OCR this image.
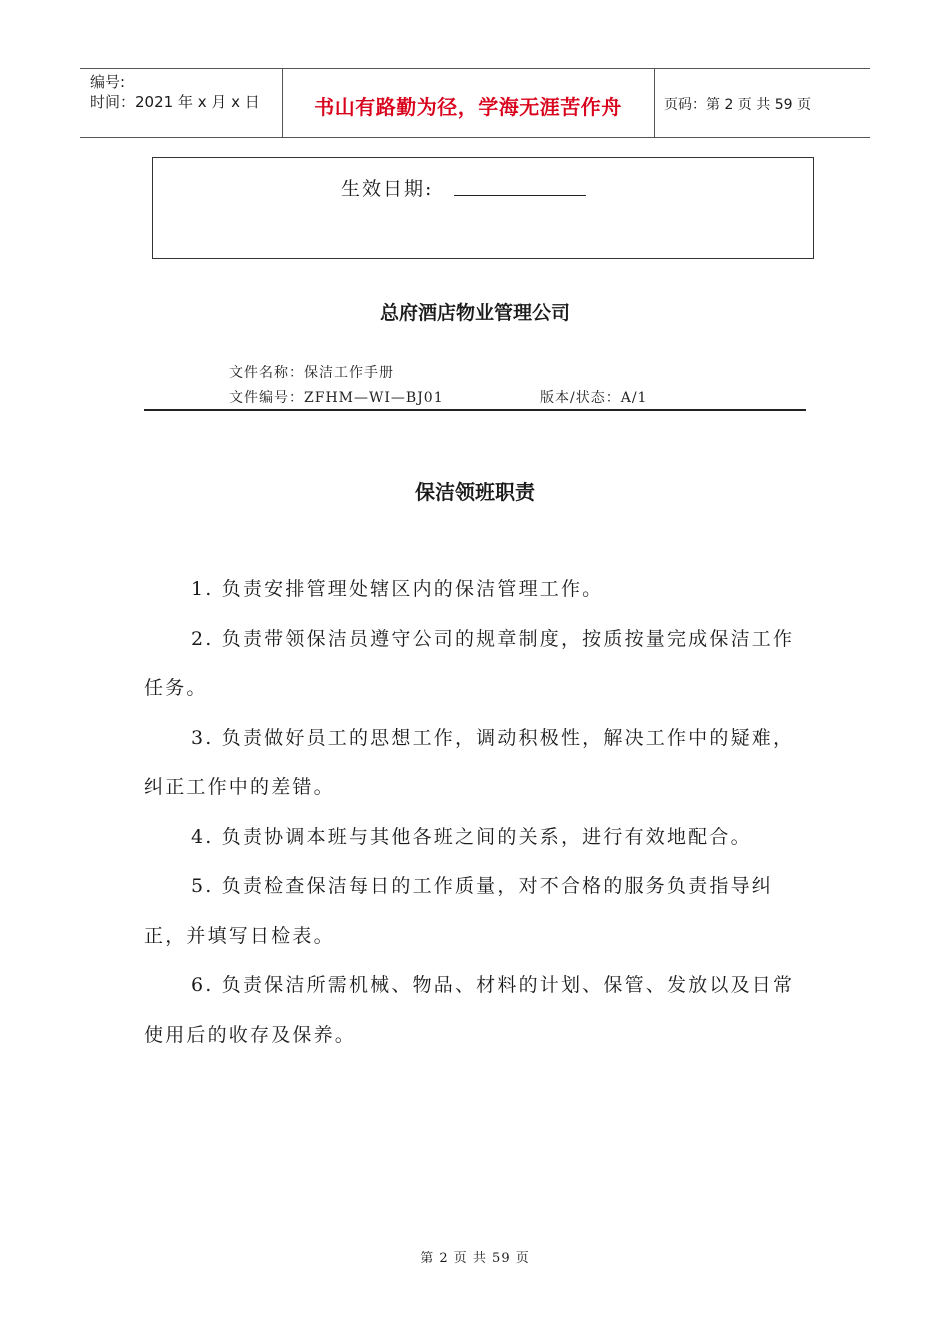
编号:
时间：2021 年 x 月 x 日	书山有路勤为径，学海无涯苦作舟	页码：第 2 页 共 59 页
生效日期:
总府酒店物业管理公司
文件名称：保洁工作手册
文件编号：ZFHM—WI—BJ01	版本/状态：A/1
保洁领班职责

1. 负责安排管理处辖区内的保洁管理工作。

2. 负责带领保洁员遵守公司的规章制度，按质按量完成保洁工作任务。

3. 负责做好员工的思想工作，调动积极性，解决工作中的疑难，纠正工作中的差错。

4. 负责协调本班与其他各班之间的关系，进行有效地配合。

5. 负责检查保洁每日的工作质量，对不合格的服务负责指导纠正，并填写日检表。

6. 负责保洁所需机械、物品、材料的计划、保管、发放以及日常使用后的收存及保养。

第 2 页 共 59 页
